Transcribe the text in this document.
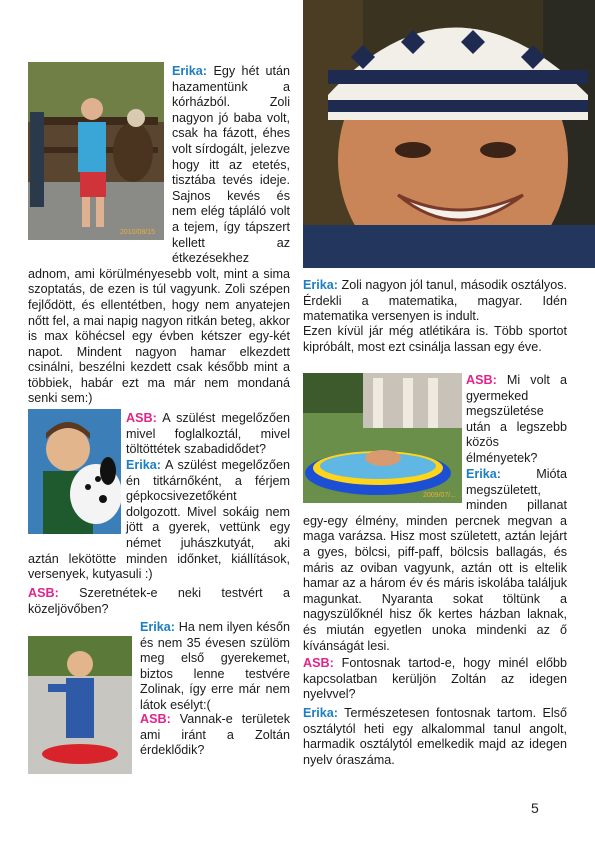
2010/08/15
2009/07/...

Erika: Egy hét után hazamentünk a kórházból. Zoli nagyon jó baba volt, csak ha fázott, éhes volt sírdogált, jelezve hogy itt az etetés, tisztába tevés ideje. Sajnos kevés és nem elég tápláló volt a tejem, így tápszert kellett az étkezésekhez adnom, ami körülményesebb volt, mint a sima szoptatás, de ezen is túl vagyunk. Zoli szépen fejlődött, és ellentétben, hogy nem anyatejen nőtt fel, a mai napig nagyon ritkán beteg, akkor is max köhécsel egy évben kétszer egy-két napot. Mindent nagyon hamar elkezdett csinálni, beszélni kezdett csak később mint a többiek, habár ezt ma már nem mondaná senki sem:)

ASB: A szülést megelőzően mivel foglalkoztál, mivel töltöttétek szabadidődet?

Erika: A szülést megelőzően én titkárnőként, a férjem gépkocsivezetőként dolgozott. Mivel sokáig nem jött a gyerek, vettünk egy német juhászkutyát, aki aztán lekötötte minden időnket, kiállítások, versenyek, kutyasuli :)

ASB: Szeretnétek-e neki testvért a közeljövőben?

Erika: Ha nem ilyen későn és nem 35 évesen szülöm meg első gyerekemet, biztos lenne testvére Zolinak, így erre már nem látok esélyt:(

ASB: Vannak-e területek ami iránt a Zoltán érdeklődik?

Erika: Zoli nagyon jól tanul, második osztályos. Érdekli a matematika, magyar. Idén matematika versenyen is indult.

Ezen kívül jár még atlétikára is. Több sportot kipróbált, most ezt csinálja lassan egy éve.

ASB: Mi volt a gyermeked megszületése után a legszebb közös élményetek?

Erika:	Mióta megszületett, minden pillanat egy-egy élmény, minden percnek megvan a maga varázsa. Hisz most született, aztán lejárt a gyes, bölcsi, piff-paff, bölcsis ballagás, és máris az oviban vagyunk, aztán ott is eltelik hamar az a három év és máris iskolába találjuk magunkat. Nyaranta sokat töltünk a nagyszülőknél hisz ők kertes házban laknak, és miután egyetlen unoka mindenki az ő kívánságát lesi.

ASB: Fontosnak tartod-e, hogy minél előbb kapcsolatban kerüljön Zoltán az idegen nyelvvel?

Erika: Természetesen fontosnak tartom. Első osztálytól heti egy alkalommal tanul angolt, harmadik osztálytól emelkedik majd az idegen nyelv óraszáma.

5
